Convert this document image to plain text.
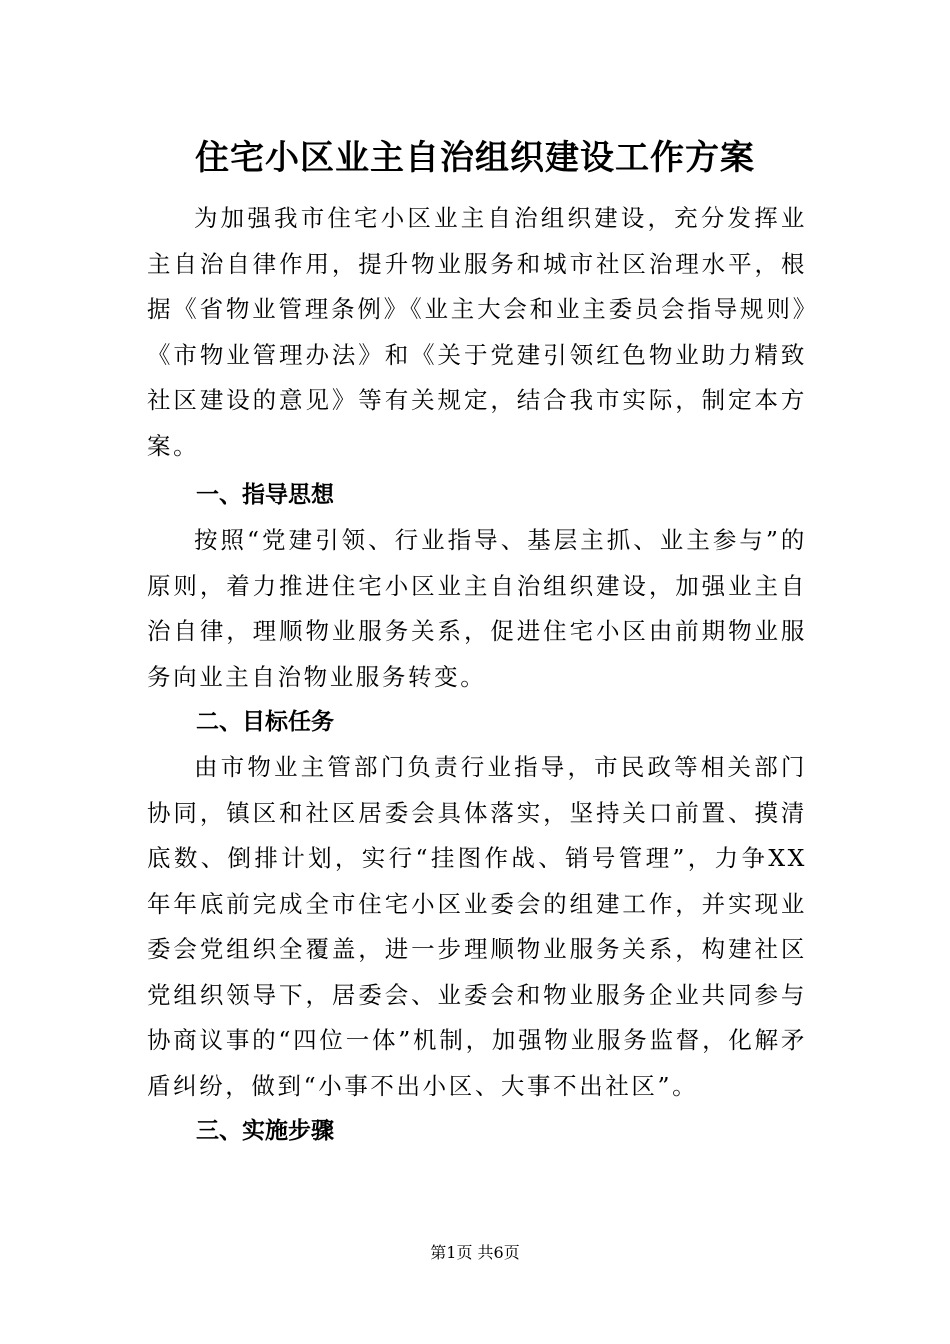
住宅小区业主自治组织建设工作方案

为加强我市住宅小区业主自治组织建设，充分发挥业主自治自律作用，提升物业服务和城市社区治理水平，根据《省物业管理条例》《业主大会和业主委员会指导规则》《市物业管理办法》和《关于党建引领红色物业助力精致社区建设的意见》等有关规定，结合我市实际，制定本方案。

一、指导思想

按照“党建引领、行业指导、基层主抓、业主参与”的原则，着力推进住宅小区业主自治组织建设，加强业主自治自律，理顺物业服务关系，促进住宅小区由前期物业服务向业主自治物业服务转变。

二、目标任务

由市物业主管部门负责行业指导，市民政等相关部门协同，镇区和社区居委会具体落实，坚持关口前置、摸清底数、倒排计划，实行“挂图作战、销号管理”，力争XX年年底前完成全市住宅小区业委会的组建工作，并实现业委会党组织全覆盖，进一步理顺物业服务关系，构建社区党组织领导下，居委会、业委会和物业服务企业共同参与协商议事的“四位一体”机制，加强物业服务监督，化解矛盾纠纷，做到“小事不出小区、大事不出社区”。

三、实施步骤
第1页 共6页
